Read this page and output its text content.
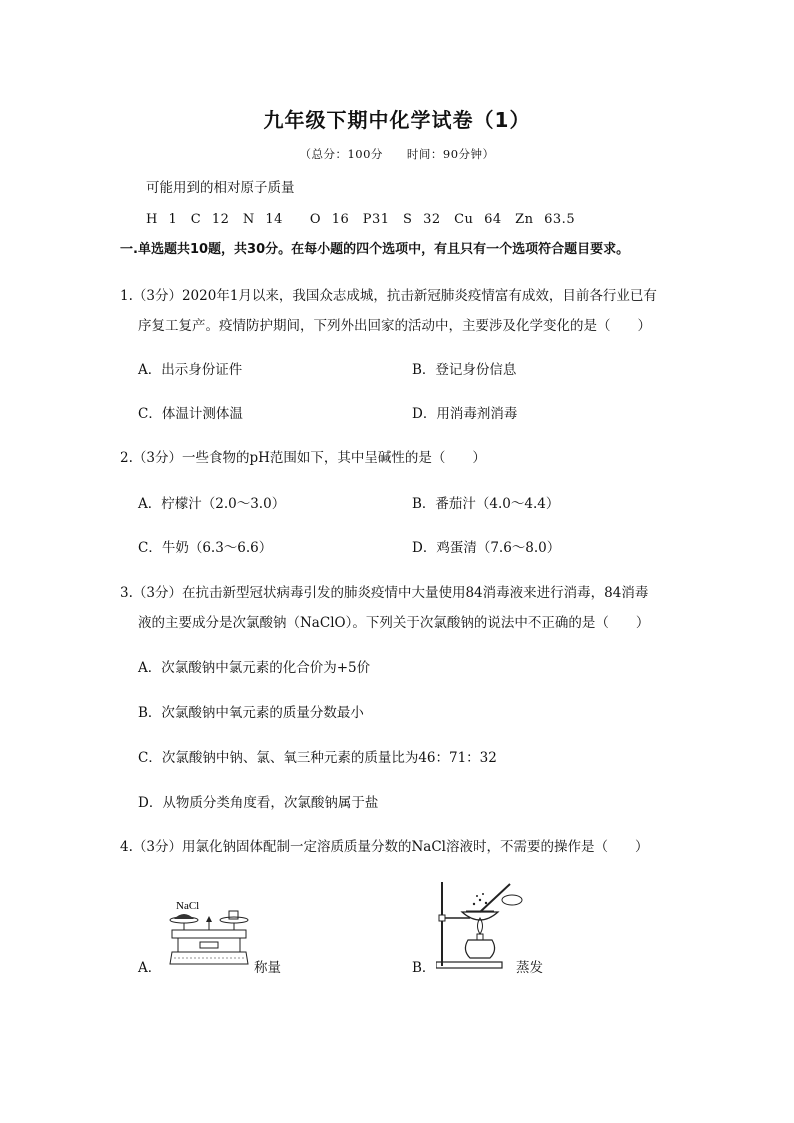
九年级下期中化学试卷（1）
（总分：100分　　时间：90分钟）
可能用到的相对原子质量
H 1　C 12　N 14　　O 16　P31　S 32　Cu 64　Zn 63.5
一.单选题共10题，共30分。在每小题的四个选项中，有且只有一个选项符合题目要求。
1.（3分）2020年1月以来，我国众志成城，抗击新冠肺炎疫情富有成效，目前各行业已有
序复工复产。疫情防护期间，下列外出回家的活动中，主要涉及化学变化的是（　　）
A．出示身份证件	B．登记身份信息
C．体温计测体温	D．用消毒剂消毒
2.（3分）一些食物的pH范围如下，其中呈碱性的是（　　）
A．柠檬汁（2.0～3.0）	B．番茄汁（4.0～4.4）
C．牛奶（6.3～6.6）	D．鸡蛋清（7.6～8.0）
3.（3分）在抗击新型冠状病毒引发的肺炎疫情中大量使用84消毒液来进行消毒，84消毒
液的主要成分是次氯酸钠（NaClO）。下列关于次氯酸钠的说法中不正确的是（　　）
A．次氯酸钠中氯元素的化合价为+5价
B．次氯酸钠中氧元素的质量分数最小
C．次氯酸钠中钠、氯、氧三种元素的质量比为46：71：32
D．从物质分类角度看，次氯酸钠属于盐
4.（3分）用氯化钠固体配制一定溶质质量分数的NaCl溶液时，不需要的操作是（　　）
A．
NaCl
称量	B．	蒸发
